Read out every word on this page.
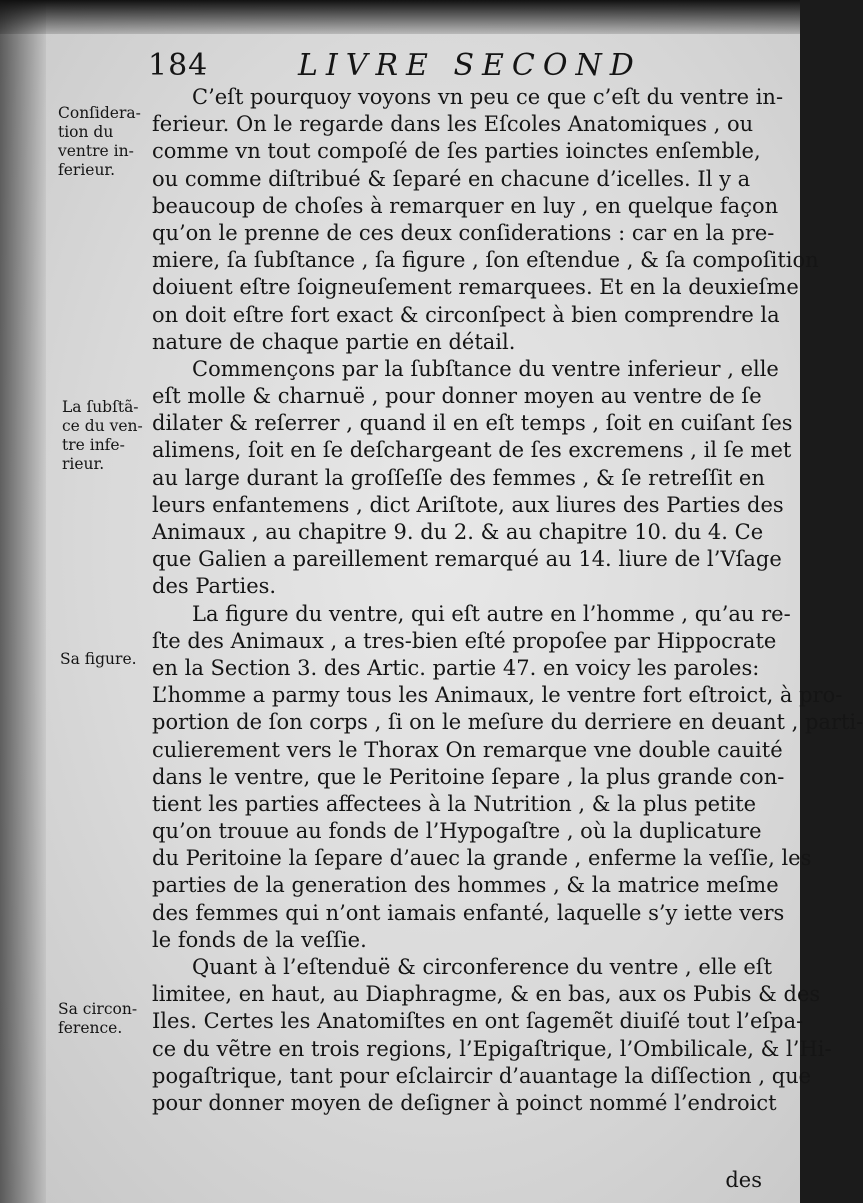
184	LIVRE SECOND
Conſidera-
tion du
ventre in-
ferieur.
La ſubſtã-
ce du ven-
tre infe-
rieur.
Sa figure.
Sa circon-
ference.
C’eſt pourquoy voyons vn peu ce que c’eſt du ventre in-
ferieur. On le regarde dans les Eſcoles Anatomiques , ou
comme vn tout compoſé de ſes parties ioinctes enſemble,
ou comme diſtribué & ſeparé en chacune d’icelles. Il y a
beaucoup de choſes à remarquer en luy , en quelque façon
qu’on le prenne de ces deux conſiderations : car en la pre-
miere, ſa ſubſtance , ſa figure , ſon eſtendue , & ſa compoſition
doiuent eſtre ſoigneuſement remarquees. Et en la deuxieſme
on doit eſtre fort exact & circonſpect à bien comprendre la
nature de chaque partie en détail.
Commençons par la ſubſtance du ventre inferieur , elle
eſt molle & charnuë , pour donner moyen au ventre de ſe
dilater & reſerrer , quand il en eſt temps , ſoit en cuiſant ſes
alimens, ſoit en ſe deſchargeant de ſes excremens , il ſe met
au large durant la groſſeſſe des femmes , & ſe retreſſit en
leurs enfantemens , dict Ariſtote, aux liures des Parties des
Animaux , au chapitre 9. du 2. & au chapitre 10. du 4. Ce
que Galien a pareillement remarqué au 14. liure de l’Vſage
des Parties.
La figure du ventre, qui eſt autre en l’homme , qu’au re-
ſte des Animaux , a tres-bien eſté propoſee par Hippocrate
en la Section 3. des Artic. partie 47. en voicy les paroles:
L’homme a parmy tous les Animaux, le ventre fort eſtroict, à pro-
portion de ſon corps , ſi on le meſure du derriere en deuant , parti-
culierement vers le Thorax On remarque vne double cauité
dans le ventre, que le Peritoine ſepare , la plus grande con-
tient les parties affectees à la Nutrition , & la plus petite
qu’on trouue au fonds de l’Hypogaſtre , où la duplicature
du Peritoine la ſepare d’auec la grande , enferme la veſſie, les
parties de la generation des hommes , & la matrice meſme
des femmes qui n’ont iamais enfanté, laquelle s’y iette vers
le fonds de la veſſie.
Quant à l’eſtenduë & circonference du ventre , elle eſt
limitee, en haut, au Diaphragme, & en bas, aux os Pubis & des
Iles. Certes les Anatomiſtes en ont ſagemẽt diuiſé tout l’eſpa-
ce du vẽtre en trois regions, l’Epigaſtrique, l’Ombilicale, & l’Hi-
pogaſtrique, tant pour eſclaircir d’auantage la diſſection , que
pour donner moyen de deſigner à poinct nommé l’endroict
des
